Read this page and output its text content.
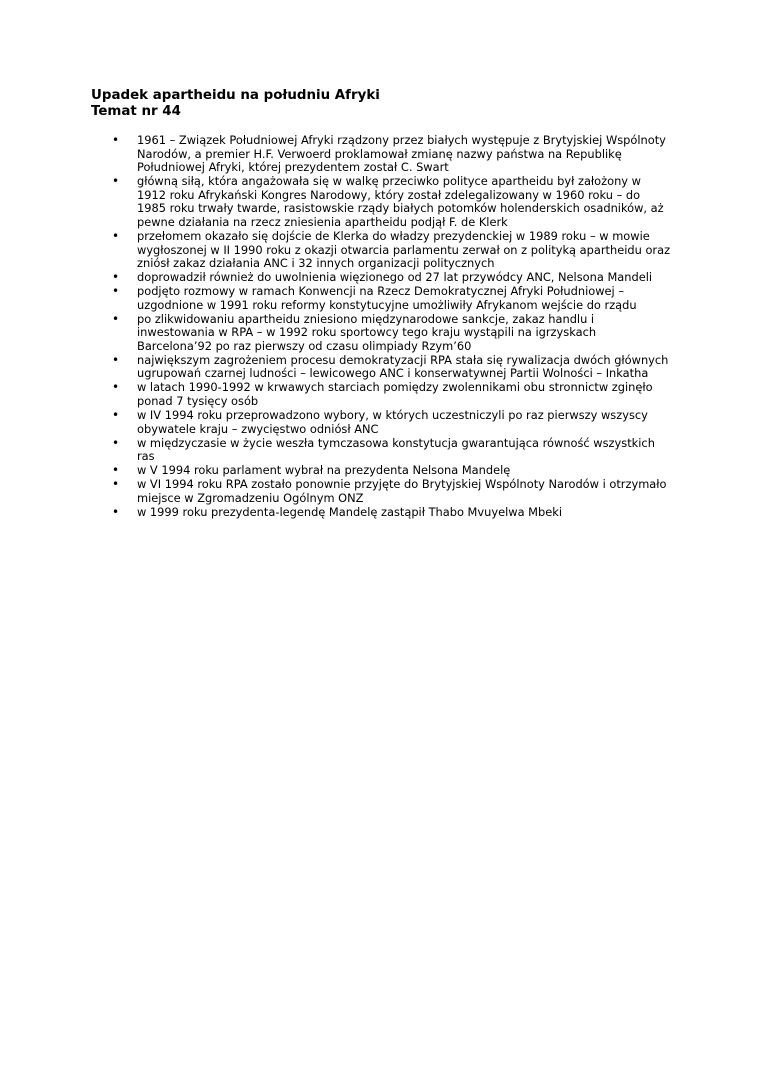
Upadek apartheidu na południu Afryki
Temat nr 44
• 1961 – Związek Południowej Afryki rządzony przez białych występuje z Brytyjskiej Wspólnoty Narodów, a premier H.F. Verwoerd proklamował zmianę nazwy państwa na Republikę Południowej Afryki, której prezydentem został C. Swart
• główną siłą, która angażowała się w walkę przeciwko polityce apartheidu był założony w 1912 roku Afrykański Kongres Narodowy, który został zdelegalizowany w 1960 roku – do 1985 roku trwały twarde, rasistowskie rządy białych potomków holenderskich osadników, aż pewne działania na rzecz zniesienia apartheidu podjął F. de Klerk
• przełomem okazało się dojście de Klerka do władzy prezydenckiej w 1989 roku – w mowie wygłoszonej w II 1990 roku z okazji otwarcia parlamentu zerwał on z polityką apartheidu oraz zniósł zakaz działania ANC i 32 innych organizacji politycznych
• doprowadził również do uwolnienia więzionego od 27 lat przywódcy ANC, Nelsona Mandeli
• podjęto rozmowy w ramach Konwencji na Rzecz Demokratycznej Afryki Południowej – uzgodnione w 1991 roku reformy konstytucyjne umożliwiły Afrykanom wejście do rządu
• po zlikwidowaniu apartheidu zniesiono międzynarodowe sankcje, zakaz handlu i inwestowania w RPA – w 1992 roku sportowcy tego kraju wystąpili na igrzyskach Barcelona’92 po raz pierwszy od czasu olimpiady Rzym’60
• największym zagrożeniem procesu demokratyzacji RPA stała się rywalizacja dwóch głównych ugrupowań czarnej ludności – lewicowego ANC i konserwatywnej Partii Wolności – Inkatha
• w latach 1990-1992 w krwawych starciach pomiędzy zwolennikami obu stronnictw zginęło ponad 7 tysięcy osób
• w IV 1994 roku przeprowadzono wybory, w których uczestniczyli po raz pierwszy wszyscy obywatele kraju – zwycięstwo odniósł ANC
• w międzyczasie w życie weszła tymczasowa konstytucja gwarantująca równość wszystkich ras
• w V 1994 roku parlament wybrał na prezydenta Nelsona Mandelę
• w VI 1994 roku RPA zostało ponownie przyjęte do Brytyjskiej Wspólnoty Narodów i otrzymało miejsce w Zgromadzeniu Ogólnym ONZ
• w 1999 roku prezydenta-legendę Mandelę zastąpił Thabo Mvuyelwa Mbeki
